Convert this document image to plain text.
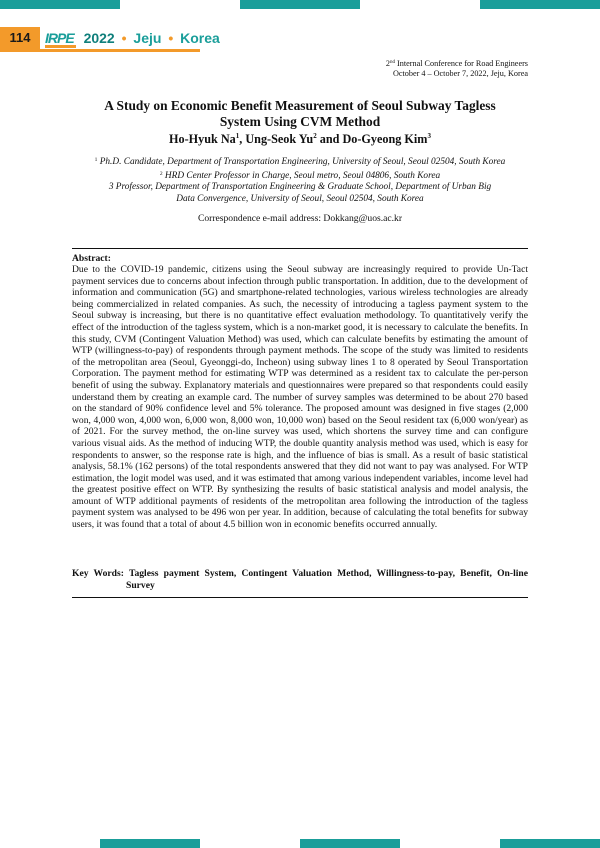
114	IRPE 2022 • Jeju • Korea
2nd Internal Conference for Road Engineers
October 4 – October 7, 2022, Jeju, Korea
A Study on Economic Benefit Measurement of Seoul Subway Tagless
System Using CVM Method
Ho-Hyuk Na$^1$, Ung-Seok Yu$^2$ and Do-Gyeong Kim$^3$
$^1$ Ph.D. Candidate, Department of Transportation Engineering, University of Seoul, Seoul 02504, South Korea
$^2$ HRD Center Professor in Charge, Seoul metro, Seoul 04806, South Korea
3 Professor, Department of Transportation Engineering & Graduate School, Department of Urban Big
Data Convergence, University of Seoul, Seoul 02504, South Korea
Correspondence e-mail address: Dokkang@uos.ac.kr
Abstract:
Due to the COVID-19 pandemic, citizens using the Seoul subway are increasingly required to provide Un-Tact payment services due to concerns about infection through public transportation. In addition, due to the development of information and communication (5G) and smartphone-related technologies, various wireless technologies are already being commercialized in related companies. As such, the necessity of introducing a tagless payment system to the Seoul subway is increasing, but there is no quantitative effect evaluation methodology. To quantitatively verify the effect of the introduction of the tagless system, which is a non-market good, it is necessary to calculate the benefits. In this study, CVM (Contingent Valuation Method) was used, which can calculate benefits by estimating the amount of WTP (willingness-to-pay) of respondents through payment methods. The scope of the study was limited to residents of the metropolitan area (Seoul, Gyeonggi-do, Incheon) using subway lines 1 to 8 operated by Seoul Transportation Corporation. The payment method for estimating WTP was determined as a resident tax to calculate the per-person benefit of using the subway. Explanatory materials and questionnaires were prepared so that respondents could easily understand them by creating an example card. The number of survey samples was determined to be about 270 based on the standard of 90% confidence level and 5% tolerance. The proposed amount was designed in five stages (2,000 won, 4,000 won, 4,000 won, 6,000 won, 8,000 won, 10,000 won) based on the Seoul resident tax (6,000 won/year) as of 2021. For the survey method, the on-line survey was used, which shortens the survey time and can configure various visual aids. As the method of inducing WTP, the double quantity analysis method was used, which is easy for respondents to answer, so the response rate is high, and the influence of bias is small. As a result of basic statistical analysis, 58.1% (162 persons) of the total respondents answered that they did not want to pay was analysed. For WTP estimation, the logit model was used, and it was estimated that among various independent variables, income level had the greatest positive effect on WTP. By synthesizing the results of basic statistical analysis and model analysis, the amount of WTP additional payments of residents of the metropolitan area following the introduction of the tagless payment system was analysed to be 496 won per year. In addition, because of calculating the total benefits for subway users, it was found that a total of about 4.5 billion won in economic benefits occurred annually.
Key Words: Tagless payment System, Contingent Valuation Method, Willingness-to-pay, Benefit, On-line Survey
